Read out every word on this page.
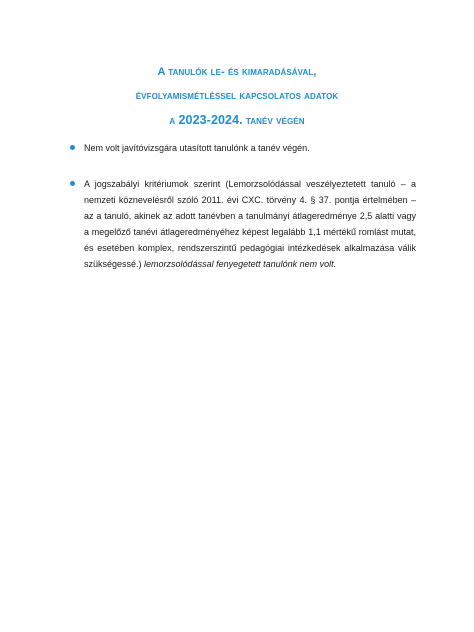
A tanulók le- és kimaradásával,
évfolyamismétléssel kapcsolatos adatok
a 2023-2024. tanév végén
Nem volt javítóvizsgára utasított tanulónk a tanév végén.
A jogszabályi kritériumok szerint (Lemorzsolódással veszélyeztetett tanuló – a nemzeti köznevelésről szóló 2011. évi CXC. törvény 4. § 37. pontja értelmében – az a tanuló, akinek az adott tanévben a tanulmányi átlageredménye 2,5 alatti vagy a megelőző tanévi átlageredményéhez képest legalább 1,1 mértékű romlást mutat, és esetében komplex, rendszerszintű pedagógiai intézkedések alkalmazása válik szükségessé.) lemorzsolódással fenyegetett tanulónk nem volt.
